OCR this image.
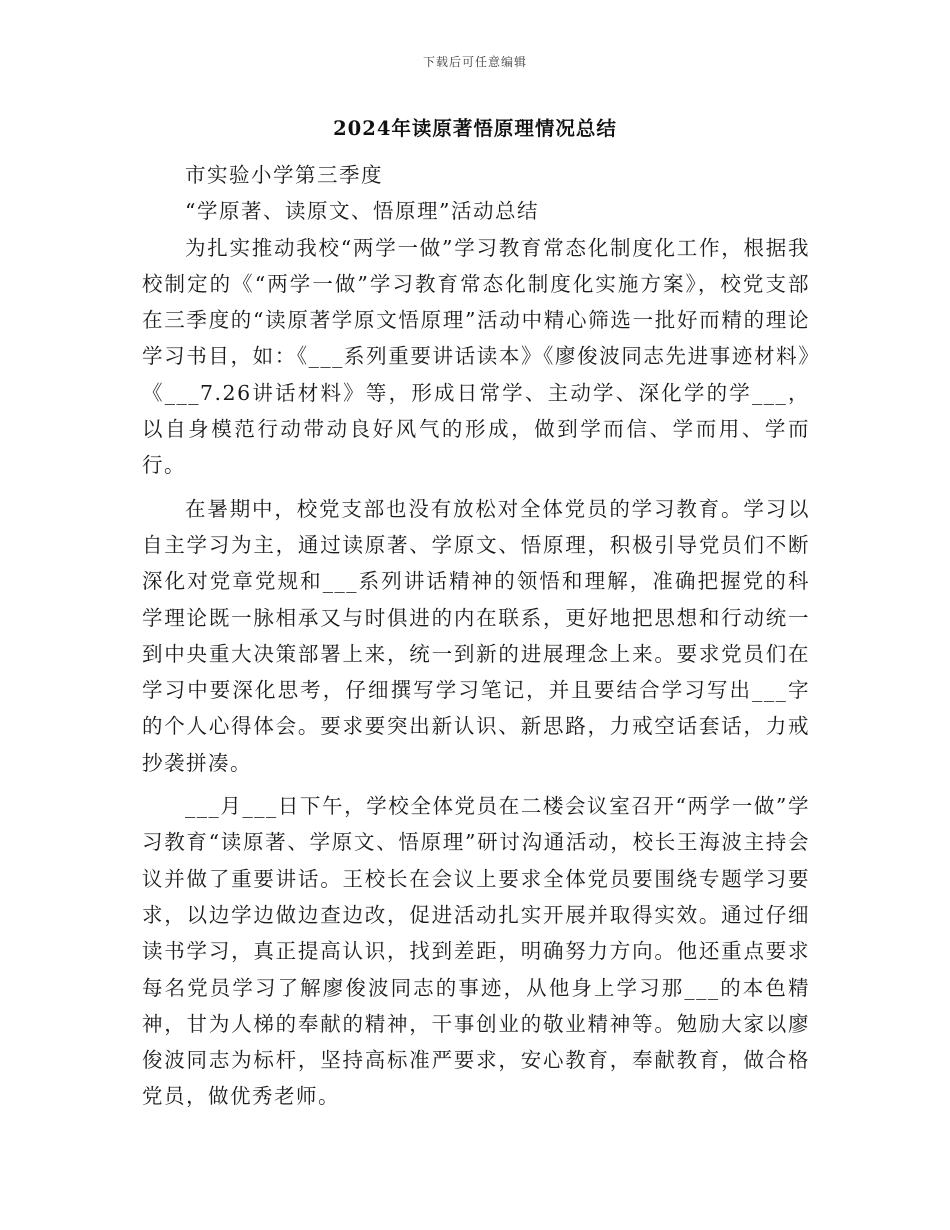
下载后可任意编辑
2024年读原著悟原理情况总结

市实验小学第三季度

“学原著、读原文、悟原理”活动总结

为扎实推动我校“两学一做”学习教育常态化制度化工作，根据我校制定的《“两学一做”学习教育常态化制度化实施方案》，校党支部在三季度的“读原著学原文悟原理”活动中精心筛选一批好而精的理论学习书目，如：《___系列重要讲话读本》《廖俊波同志先进事迹材料》《___7.26讲话材料》等，形成日常学、主动学、深化学的学___，以自身模范行动带动良好风气的形成，做到学而信、学而用、学而行。

在暑期中，校党支部也没有放松对全体党员的学习教育。学习以自主学习为主，通过读原著、学原文、悟原理，积极引导党员们不断深化对党章党规和___系列讲话精神的领悟和理解，准确把握党的科学理论既一脉相承又与时俱进的内在联系，更好地把思想和行动统一到中央重大决策部署上来，统一到新的进展理念上来。要求党员们在学习中要深化思考，仔细撰写学习笔记，并且要结合学习写出___字的个人心得体会。要求要突出新认识、新思路，力戒空话套话，力戒抄袭拼凑。

___月___日下午，学校全体党员在二楼会议室召开“两学一做”学习教育“读原著、学原文、悟原理”研讨沟通活动，校长王海波主持会议并做了重要讲话。王校长在会议上要求全体党员要围绕专题学习要求，以边学边做边查边改，促进活动扎实开展并取得实效。通过仔细读书学习，真正提高认识，找到差距，明确努力方向。他还重点要求每名党员学习了解廖俊波同志的事迹，从他身上学习那___的本色精神，甘为人梯的奉献的精神，干事创业的敬业精神等。勉励大家以廖俊波同志为标杆，坚持高标准严要求，安心教育，奉献教育，做合格党员，做优秀老师。
